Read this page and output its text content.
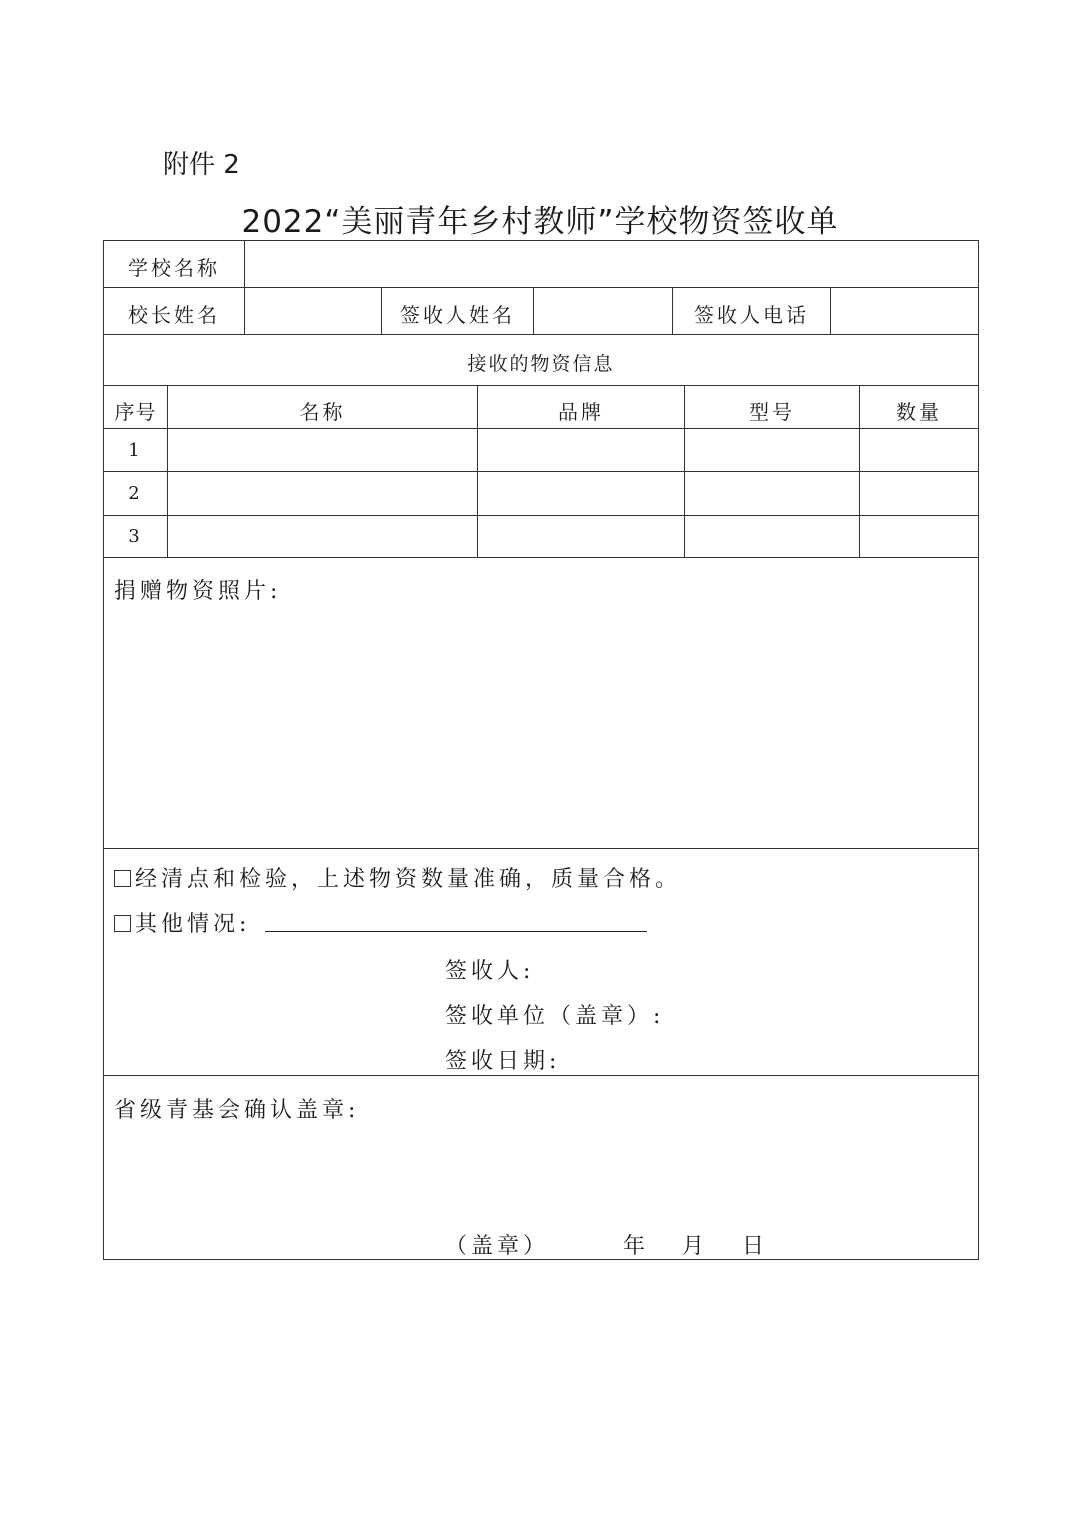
附件 2
2022“美丽青年乡村教师”学校物资签收单
学校名称
校长姓名	签收人姓名	签收人电话
接收的物资信息
序号	名称	品牌	型号	数量
1
2
3
捐赠物资照片:
经清点和检验，上述物资数量准确，质量合格。
其他情况:
签收人:
签收单位（盖章）:
签收日期:
省级青基会确认盖章:
（盖章）	年 月 日
